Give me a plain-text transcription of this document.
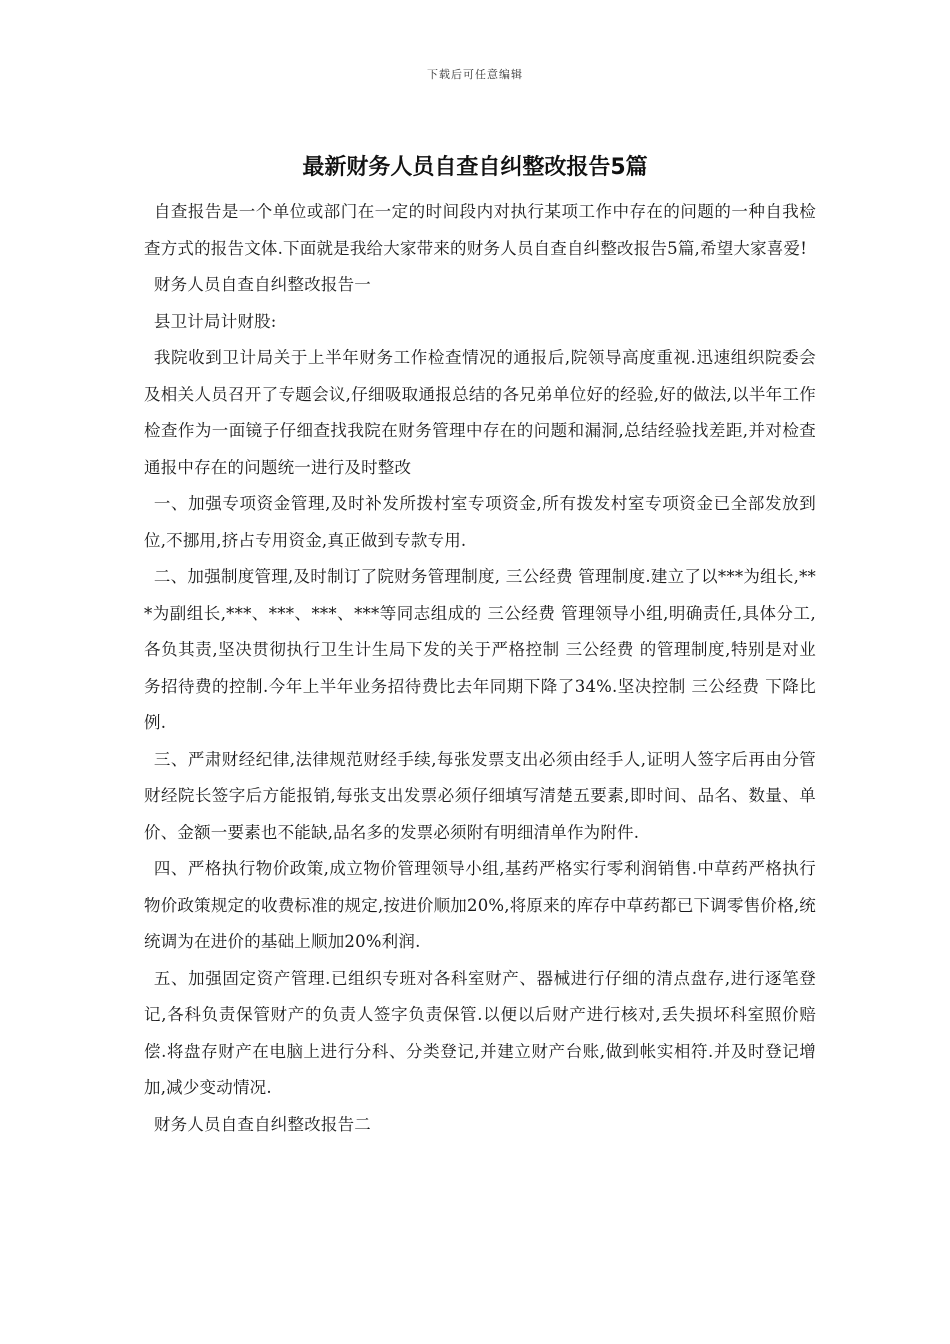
下载后可任意编辑
最新财务人员自查自纠整改报告5篇

自查报告是一个单位或部门在一定的时间段内对执行某项工作中存在的问题的一种自我检查方式的报告文体.下面就是我给大家带来的财务人员自查自纠整改报告5篇,希望大家喜爱!

财务人员自查自纠整改报告一

县卫计局计财股:

我院收到卫计局关于上半年财务工作检查情况的通报后,院领导高度重视.迅速组织院委会及相关人员召开了专题会议,仔细吸取通报总结的各兄弟单位好的经验,好的做法,以半年工作检查作为一面镜子仔细查找我院在财务管理中存在的问题和漏洞,总结经验找差距,并对检查通报中存在的问题统一进行及时整改

一、加强专项资金管理,及时补发所拨村室专项资金,所有拨发村室专项资金已全部发放到位,不挪用,挤占专用资金,真正做到专款专用.

二、加强制度管理,及时制订了院财务管理制度, 三公经费 管理制度.建立了以***为组长,***为副组长,***、***、***、***等同志组成的 三公经费 管理领导小组,明确责任,具体分工,各负其责,坚决贯彻执行卫生计生局下发的关于严格控制 三公经费 的管理制度,特别是对业务招待费的控制.今年上半年业务招待费比去年同期下降了34%.坚决控制 三公经费 下降比例.

三、严肃财经纪律,法律规范财经手续,每张发票支出必须由经手人,证明人签字后再由分管财经院长签字后方能报销,每张支出发票必须仔细填写清楚五要素,即时间、品名、数量、单价、金额一要素也不能缺,品名多的发票必须附有明细清单作为附件.

四、严格执行物价政策,成立物价管理领导小组,基药严格实行零利润销售.中草药严格执行物价政策规定的收费标准的规定,按进价顺加20%,将原来的库存中草药都已下调零售价格,统统调为在进价的基础上顺加20%利润.

五、加强固定资产管理.已组织专班对各科室财产、器械进行仔细的清点盘存,进行逐笔登记,各科负责保管财产的负责人签字负责保管.以便以后财产进行核对,丢失损坏科室照价赔偿.将盘存财产在电脑上进行分科、分类登记,并建立财产台账,做到帐实相符.并及时登记增加,减少变动情况.

财务人员自查自纠整改报告二
